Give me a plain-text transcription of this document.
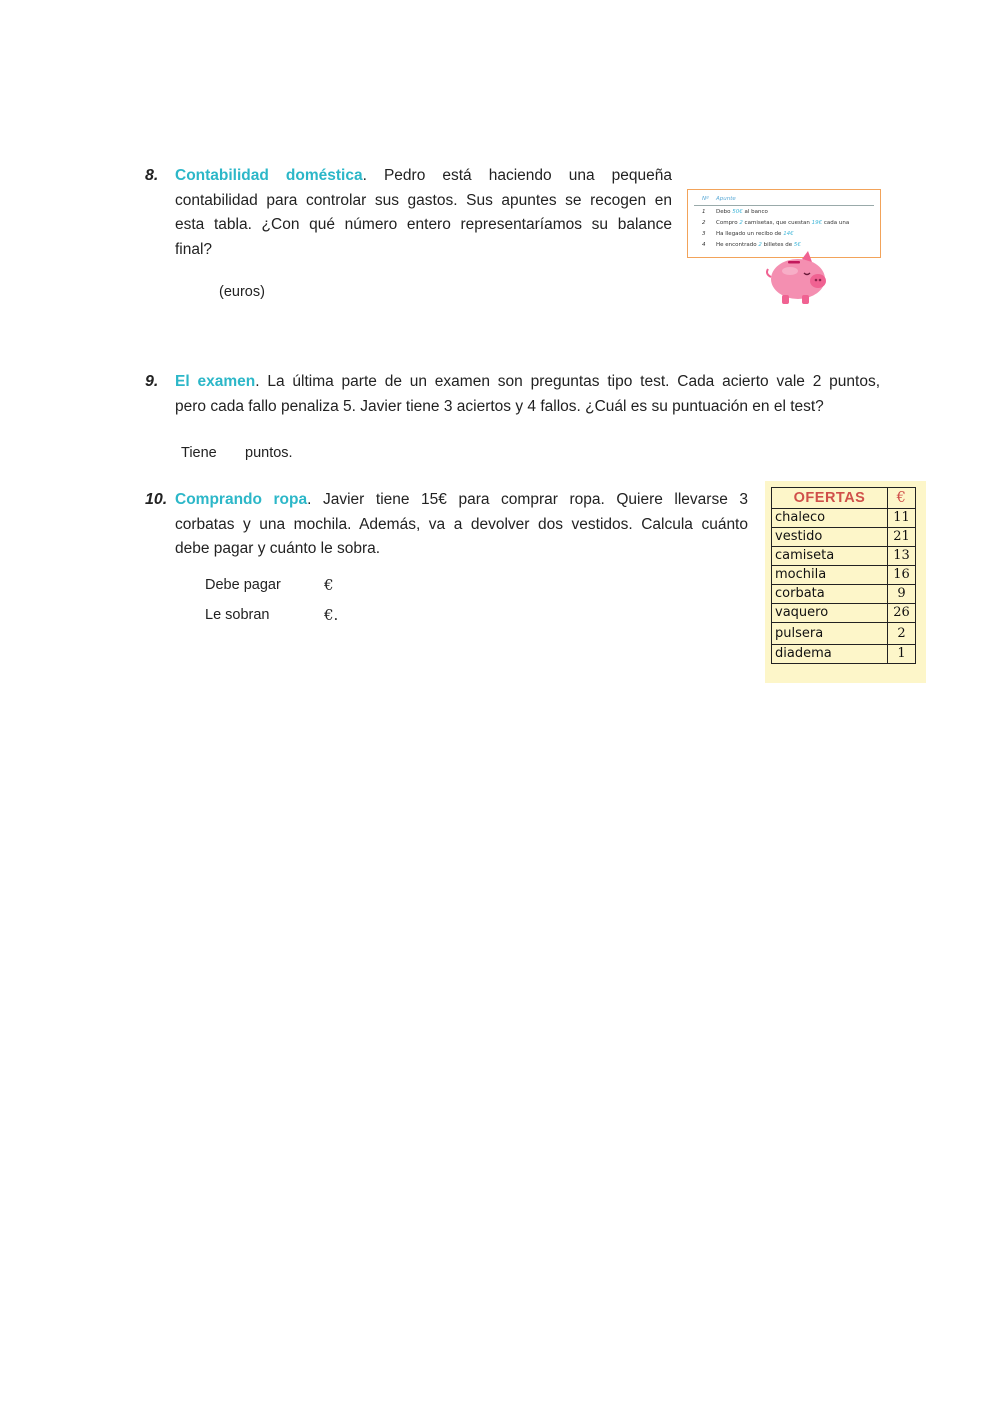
8. Contabilidad doméstica. Pedro está haciendo una pequeña
contabilidad para controlar sus gastos. Sus apuntes se recogen en
esta tabla. ¿Con qué número entero representaríamos su balance
final?
(euros)
Nº Apunte
1 Debo 50€ al banco
2 Compro 2 camisetas, que cuestan 19€ cada una
3 Ha llegado un recibo de 14€
4 He encontrado 2 billetes de 5€
9. El examen. La última parte de un examen son preguntas tipo test. Cada acierto vale 2 puntos,
pero cada fallo penaliza 5. Javier tiene 3 aciertos y 4 fallos. ¿Cuál es su puntuación en el test?
Tiene puntos.
10. Comprando ropa. Javier tiene 15€ para comprar ropa. Quiere llevarse 3
corbatas y una mochila. Además, va a devolver dos vestidos. Calcula cuánto
debe pagar y cuánto le sobra.
Debe pagar	€
Le sobran	€.
OFERTAS	€
chaleco	11
vestido	21
camiseta	13
mochila	16
corbata	9
vaquero	26
pulsera	2
diadema	1
